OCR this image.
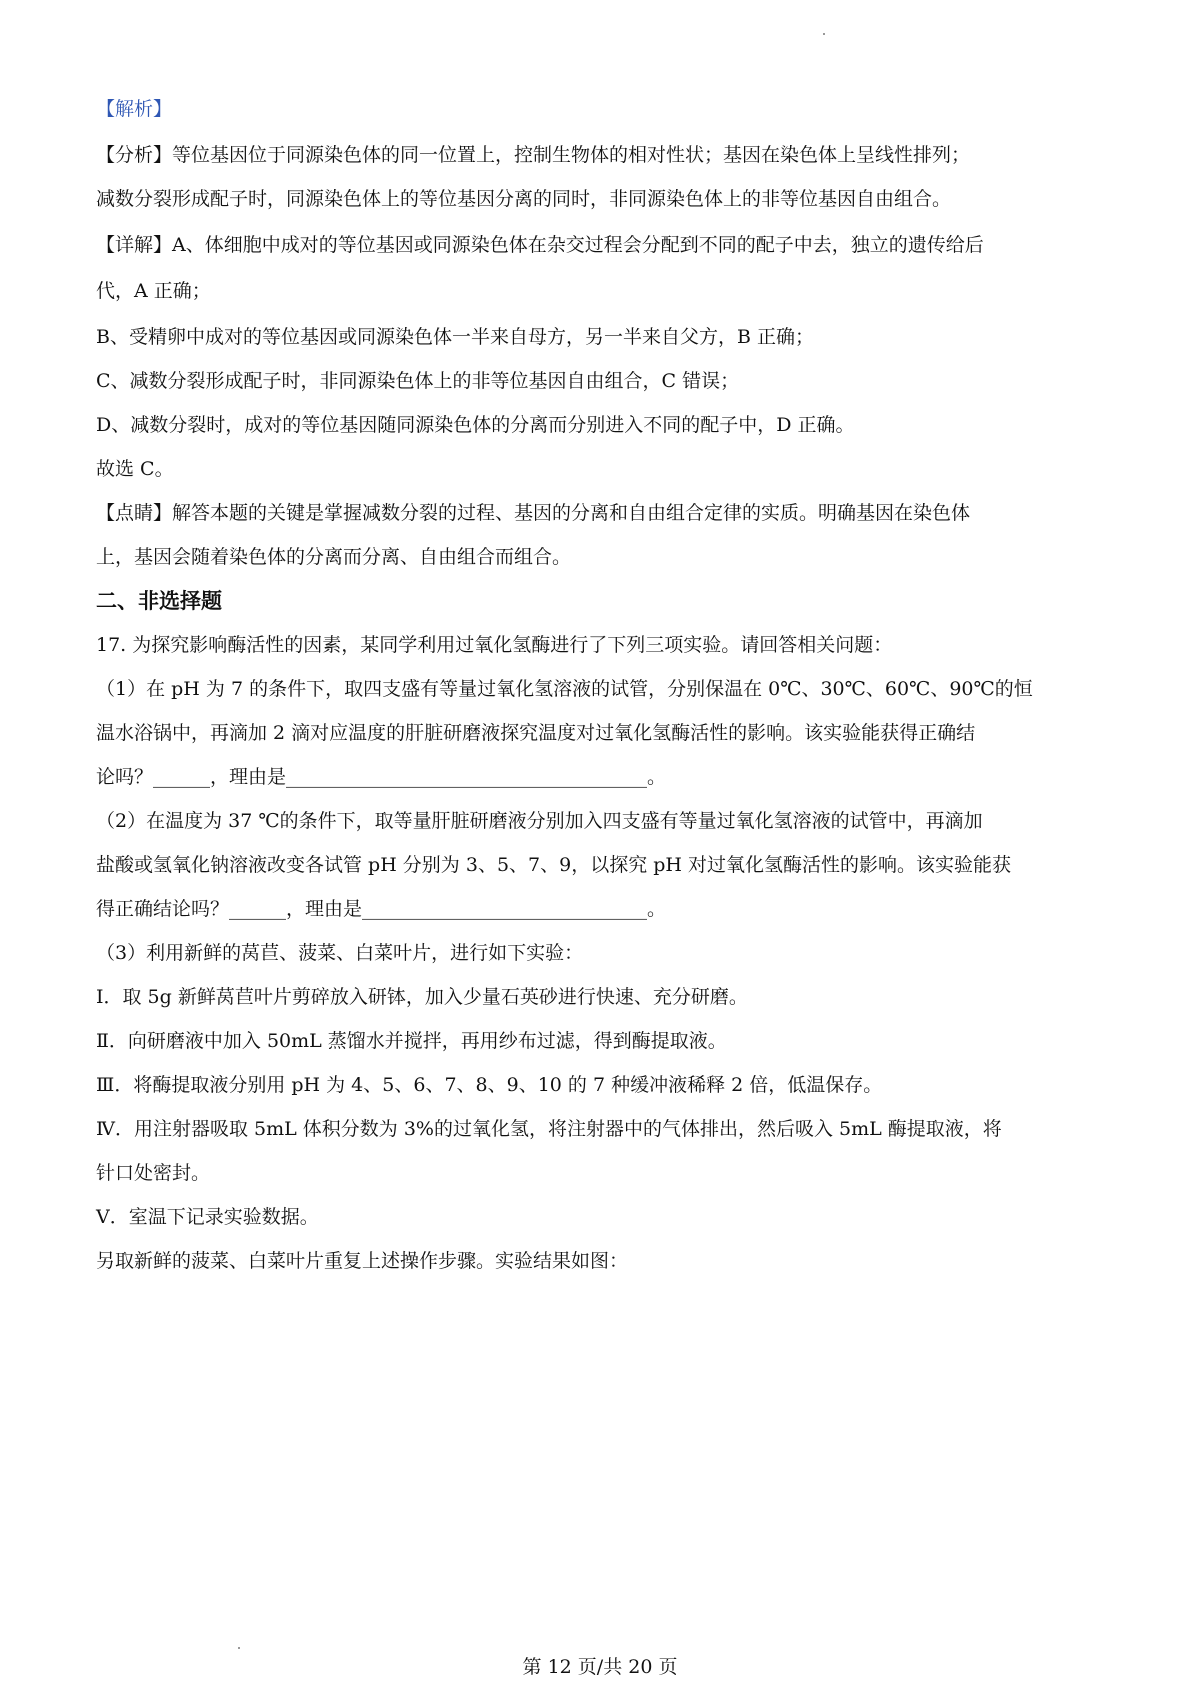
【解析】
【分析】等位基因位于同源染色体的同一位置上，控制生物体的相对性状；基因在染色体上呈线性排列；
减数分裂形成配子时，同源染色体上的等位基因分离的同时，非同源染色体上的非等位基因自由组合。
【详解】A、体细胞中成对的等位基因或同源染色体在杂交过程会分配到不同的配子中去，独立的遗传给后
代，A 正确；
B、受精卵中成对的等位基因或同源染色体一半来自母方，另一半来自父方，B 正确；
C、减数分裂形成配子时，非同源染色体上的非等位基因自由组合，C 错误；
D、减数分裂时，成对的等位基因随同源染色体的分离而分别进入不同的配子中，D 正确。
故选 C。
【点睛】解答本题的关键是掌握减数分裂的过程、基因的分离和自由组合定律的实质。明确基因在染色体
上，基因会随着染色体的分离而分离、自由组合而组合。
二、非选择题
17. 为探究影响酶活性的因素，某同学利用过氧化氢酶进行了下列三项实验。请回答相关问题：
（1）在 pH 为 7 的条件下，取四支盛有等量过氧化氢溶液的试管，分别保温在 0℃、30℃、60℃、90℃的恒
温水浴锅中，再滴加 2 滴对应温度的肝脏研磨液探究温度对过氧化氢酶活性的影响。该实验能获得正确结
论吗？______，理由是______________________________________。
（2）在温度为 37 ℃的条件下，取等量肝脏研磨液分别加入四支盛有等量过氧化氢溶液的试管中，再滴加
盐酸或氢氧化钠溶液改变各试管 pH 分别为 3、5、7、9，以探究 pH 对过氧化氢酶活性的影响。该实验能获
得正确结论吗？______，理由是______________________________。
（3）利用新鲜的莴苣、菠菜、白菜叶片，进行如下实验：
Ⅰ．取 5g 新鲜莴苣叶片剪碎放入研钵，加入少量石英砂进行快速、充分研磨。
Ⅱ．向研磨液中加入 50mL 蒸馏水并搅拌，再用纱布过滤，得到酶提取液。
Ⅲ．将酶提取液分别用 pH 为 4、5、6、7、8、9、10 的 7 种缓冲液稀释 2 倍，低温保存。
Ⅳ．用注射器吸取 5mL 体积分数为 3%的过氧化氢，将注射器中的气体排出，然后吸入 5mL 酶提取液，将
针口处密封。
Ⅴ．室温下记录实验数据。
另取新鲜的菠菜、白菜叶片重复上述操作步骤。实验结果如图：
第 12 页/共 20 页
